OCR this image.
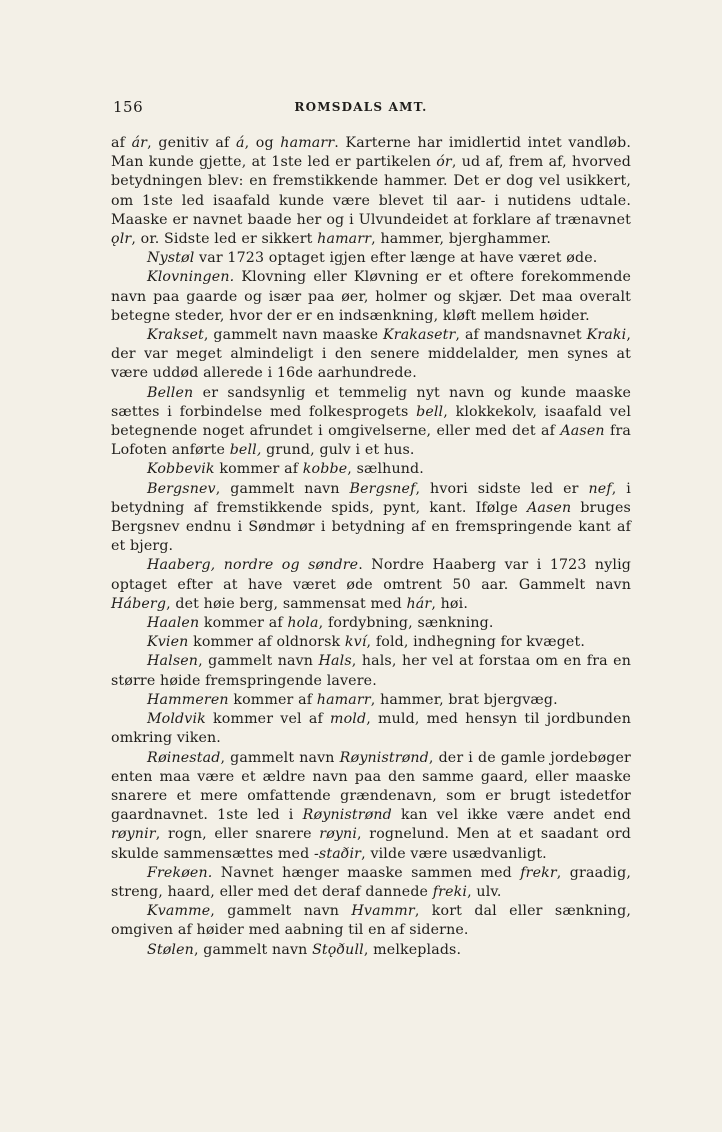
156	ROMSDALS AMT.

af ár, genitiv af á, og hamarr. Karterne har imidlertid intet vandløb. Man kunde gjette, at 1ste led er partikelen ór, ud af, frem af, hvorved betydningen blev: en fremstikkende hammer. Det er dog vel usikkert, om 1ste led isaafald kunde være blevet til aar- i nutidens udtale. Maaske er navnet baade her og i Ulvundeidet at forklare af trænavnet ǫlr, or. Sidste led er sikkert hamarr, hammer, bjerghammer.

Nystøl var 1723 optaget igjen efter længe at have været øde.

Klovningen. Klovning eller Kløvning er et oftere forekommende navn paa gaarde og især paa øer, holmer og skjær. Det maa overalt betegne steder, hvor der er en indsænkning, kløft mellem høider.

Krakset, gammelt navn maaske Krakasetr, af mandsnavnet Kraki, der var meget almindeligt i den senere middelalder, men synes at være uddød allerede i 16de aarhundrede.

Bellen er sandsynlig et temmelig nyt navn og kunde maaske sættes i forbindelse med folkesprogets bell, klokkekolv, isaafald vel betegnende noget afrundet i omgivelserne, eller med det af Aasen fra Lofoten anførte bell, grund, gulv i et hus.

Kobbevik kommer af kobbe, sælhund.

Bergsnev, gammelt navn Bergsnef, hvori sidste led er nef, i betydning af fremstikkende spids, pynt, kant. Ifølge Aasen bruges Bergsnev endnu i Søndmør i betydning af en fremspringende kant af et bjerg.

Haaberg, nordre og søndre. Nordre Haaberg var i 1723 nylig optaget efter at have været øde omtrent 50 aar. Gammelt navn Háberg, det høie berg, sammensat med hár, høi.

Haalen kommer af hola, fordybning, sænkning.

Kvien kommer af oldnorsk kví, fold, indhegning for kvæget.

Halsen, gammelt navn Hals, hals, her vel at forstaa om en fra en større høide fremspringende lavere.

Hammeren kommer af hamarr, hammer, brat bjergvæg.

Moldvik kommer vel af mold, muld, med hensyn til jordbunden omkring viken.

Røinestad, gammelt navn Røynistrønd, der i de gamle jordebøger enten maa være et ældre navn paa den samme gaard, eller maaske snarere et mere omfattende grændenavn, som er brugt istedetfor gaardnavnet. 1ste led i Røynistrønd kan vel ikke være andet end røynir, rogn, eller snarere røyni, rognelund. Men at et saadant ord skulde sammensættes med -staðir, vilde være usædvanligt.

Frekøen. Navnet hænger maaske sammen med frekr, graadig, streng, haard, eller med det deraf dannede freki, ulv.

Kvamme, gammelt navn Hvammr, kort dal eller sænkning, omgiven af høider med aabning til en af siderne.

Stølen, gammelt navn Stǫðull, melkeplads.
